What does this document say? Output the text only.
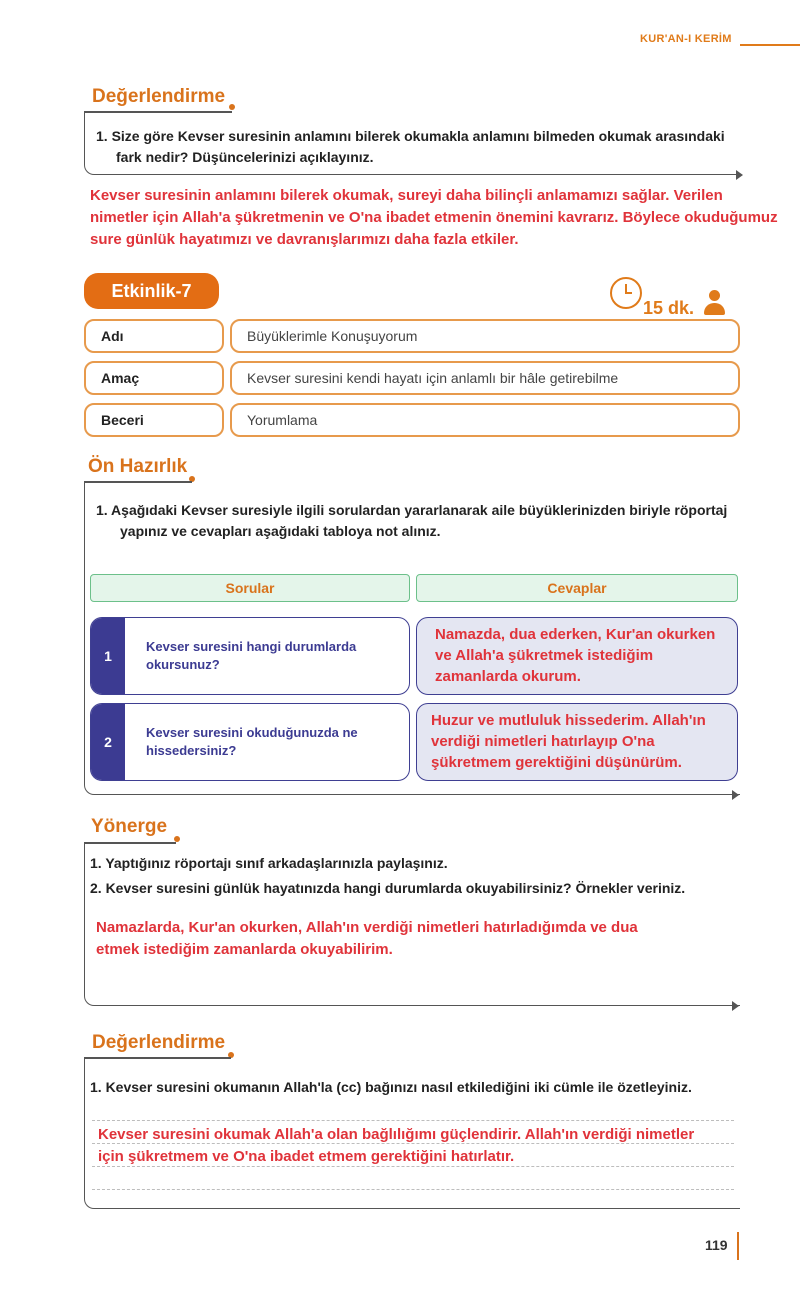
KUR'AN-I KERİM
Değerlendirme
1. Size göre Kevser suresinin anlamını bilerek okumakla anlamını bilmeden okumak arasındaki fark nedir? Düşüncelerinizi açıklayınız.
Kevser suresinin anlamını bilerek okumak, sureyi daha bilinçli anlamamızı sağlar. Verilen nimetler için Allah'a şükretmenin ve O'na ibadet etmenin önemini kavrarız. Böylece okuduğumuz sure günlük hayatımızı ve davranışlarımızı daha fazla etkiler.
Etkinlik-7
15 dk.
Adı	Büyüklerimle Konuşuyorum
Amaç	Kevser suresini kendi hayatı için anlamlı bir hâle getirebilme
Beceri	Yorumlama
Ön Hazırlık
1. Aşağıdaki Kevser suresiyle ilgili sorulardan yararlanarak aile büyüklerinizden biriyle röportaj yapınız ve cevapları aşağıdaki tabloya not alınız.
Sorular	Cevaplar
1
Kevser suresini hangi durumlarda okursunuz?
Namazda, dua ederken, Kur'an okurken ve Allah'a şükretmek istediğim zamanlarda okurum.
2
Kevser suresini okuduğunuzda ne hissedersiniz?
Huzur ve mutluluk hissederim. Allah'ın verdiği nimetleri hatırlayıp O'na şükretmem gerektiğini düşünürüm.
Yönerge
1. Yaptığınız röportajı sınıf arkadaşlarınızla paylaşınız.
2. Kevser suresini günlük hayatınızda hangi durumlarda okuyabilirsiniz? Örnekler veriniz.
Namazlarda, Kur'an okurken, Allah'ın verdiği nimetleri hatırladığımda ve dua etmek istediğim zamanlarda okuyabilirim.
Değerlendirme
1. Kevser suresini okumanın Allah'la (cc) bağınızı nasıl etkilediğini iki cümle ile özetleyiniz.
Kevser suresini okumak Allah'a olan bağlılığımı güçlendirir. Allah'ın verdiği nimetler için şükretmem ve O'na ibadet etmem gerektiğini hatırlatır.
119
